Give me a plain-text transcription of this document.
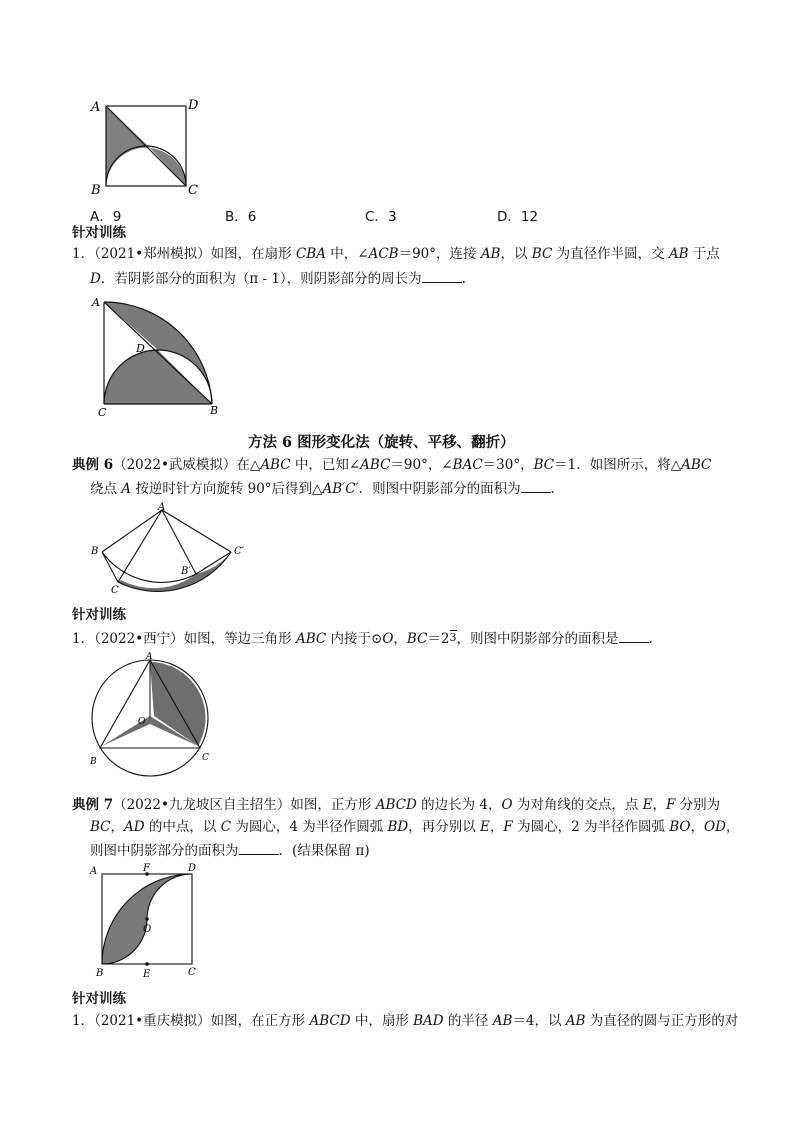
A	D
B	C
A．9	B．6	C．3	D．12
针对训练
1．（2021•郑州模拟）如图，在扇形 CBA 中，∠ACB＝90°，连接 AB，以 BC 为直径作半圆，交 AB 于点
D．若阴影部分的面积为（π - 1），则阴影部分的周长为	．
A
D
C	B
方法 6 图形变化法（旋转、平移、翻折）
典例 6（2022•武威模拟）在△ABC 中，已知∠ABC＝90°，∠BAC＝30°，BC＝1．如图所示，将△ABC
绕点 A 按逆时针方向旋转 90°后得到△AB′C′．则图中阴影部分的面积为 ．
A
B
C
B′
C′
针对训练
1．（2022•西宁）如图，等边三角形 ABC 内接于⊙O，BC＝23，则图中阴影部分的面积是 ．
A
O
B	C
典例 7（2022•九龙坡区自主招生）如图，正方形 ABCD 的边长为 4，O 为对角线的交点，点 E，F 分别为
BC，AD 的中点，以 C 为圆心，4 为半径作圆弧 BD，再分别以 E，F 为圆心，2 为半径作圆弧 BO，OD，
则图中阴影部分的面积为	．(结果保留 π)
A	F	D
O
B	E	C
针对训练
1．（2021•重庆模拟）如图，在正方形 ABCD 中，扇形 BAD 的半径 AB＝4，以 AB 为直径的圆与正方形的对
